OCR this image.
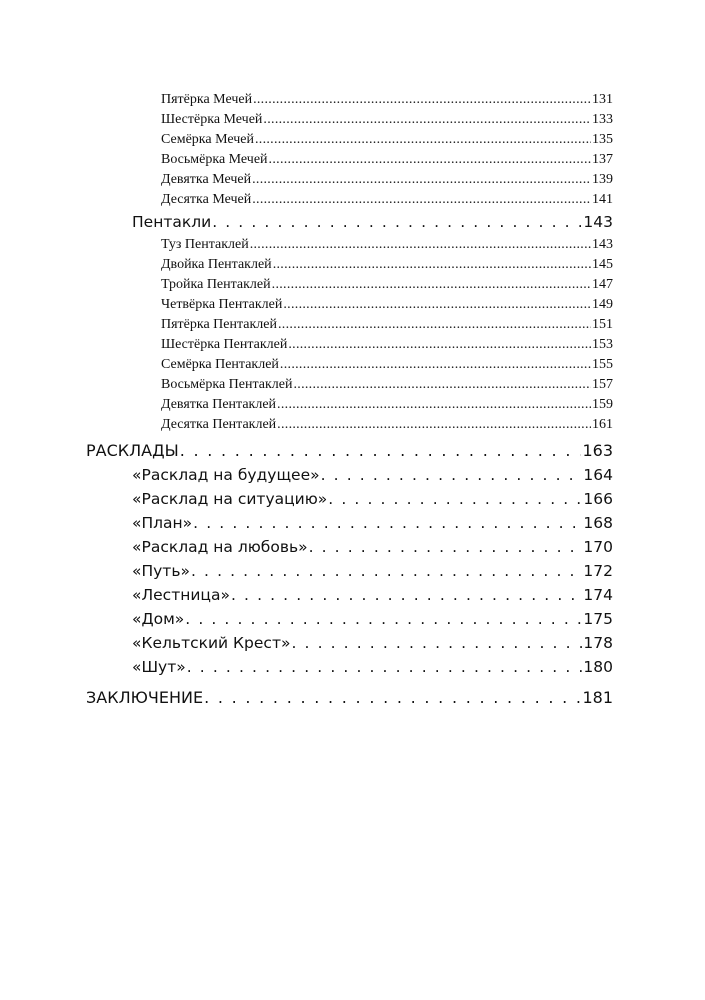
Пятёрка Мечей . . .	131
Шестёрка Мечей . . .	133
Семёрка Мечей . . .	135
Восьмёрка Мечей . . .	137
Девятка Мечей . . .	139
Десятка Мечей . . .	141
Пентакли . . .	143
Туз Пентаклей . . .	143
Двойка Пентаклей . . .	145
Тройка Пентаклей . . .	147
Четвёрка Пентаклей . . .	149
Пятёрка Пентаклей . . .	151
Шестёрка Пентаклей . . .	153
Семёрка Пентаклей . . .	155
Восьмёрка Пентаклей . . .	157
Девятка Пентаклей . . .	159
Десятка Пентаклей . . .	161
РАСКЛАДЫ . . .	163
«Расклад на будущее» . . .	164
«Расклад на ситуацию» . . .	166
«План» . . .	168
«Расклад на любовь» . . .	170
«Путь» . . .	172
«Лестница» . . .	174
«Дом» . . .	175
«Кельтский Крест» . . .	178
«Шут» . . .	180
ЗАКЛЮЧЕНИЕ . . .	181
